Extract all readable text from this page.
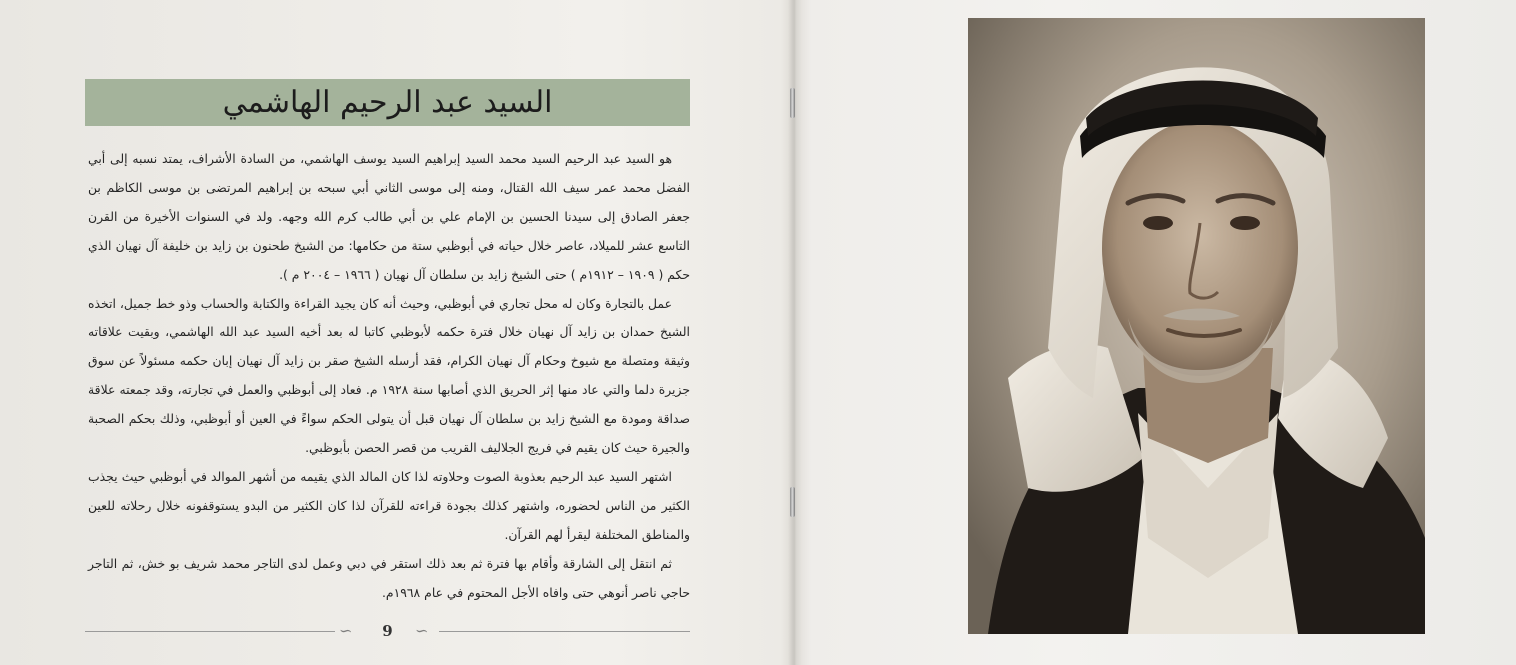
السيد عبد الرحيم الهاشمي

هو السيد عبد الرحيم السيد محمد السيد إبراهيم السيد يوسف الهاشمي، من السادة الأشراف، يمتد نسبه إلى أبي الفضل محمد عمر سيف الله القتال، ومنه إلى موسى الثاني أبي سبحه بن إبراهيم المرتضى بن موسى الكاظم بن جعفر الصادق إلى سيدنا الحسين بن الإمام علي بن أبي طالب كرم الله وجهه. ولد في السنوات الأخيرة من القرن التاسع عشر للميلاد، عاصر خلال حياته في أبوظبي ستة من حكامها: من الشيخ طحنون بن زايد بن خليفة آل نهيان الذي حكم ( ١٩٠٩ – ١٩١٢م ) حتى الشيخ زايد بن سلطان آل نهيان ( ١٩٦٦ – ٢٠٠٤ م ).

عمل بالتجارة وكان له محل تجاري في أبوظبي، وحيث أنه كان يجيد القراءة والكتابة والحساب وذو خط جميل، اتخذه الشيخ حمدان بن زايد آل نهيان خلال فترة حكمه لأبوظبي كاتبا له بعد أخيه السيد عبد الله الهاشمي، وبقيت علاقاته وثيقة ومتصلة مع شيوخ وحكام آل نهيان الكرام، فقد أرسله الشيخ صقر بن زايد آل نهيان إبان حكمه مسئولاً عن سوق جزيرة دلما والتي عاد منها إثر الحريق الذي أصابها سنة ١٩٢٨ م. فعاد إلى أبوظبي والعمل في تجارته، وقد جمعته علاقة صداقة ومودة مع الشيخ زايد بن سلطان آل نهيان قبل أن يتولى الحكم سواءً في العين أو أبوظبي، وذلك بحكم الصحبة والجيرة حيث كان يقيم في فريج الجلاليف القريب من قصر الحصن بأبوظبي.

اشتهر السيد عبد الرحيم بعذوبة الصوت وحلاوته لذا كان المالد الذي يقيمه من أشهر الموالد في أبوظبي حيث يجذب الكثير من الناس لحضوره، واشتهر كذلك بجودة قراءته للقرآن لذا كان الكثير من البدو يستوقفونه خلال رحلاته للعين والمناطق المختلفة ليقرأ لهم القرآن.

ثم انتقل إلى الشارقة وأقام بها فترة ثم بعد ذلك استقر في دبي وعمل لدى التاجر محمد شريف بو خش، ثم التاجر حاجي ناصر أنوهي حتى وافاه الأجل المحتوم في عام ١٩٦٨م.

∽	9	∽
